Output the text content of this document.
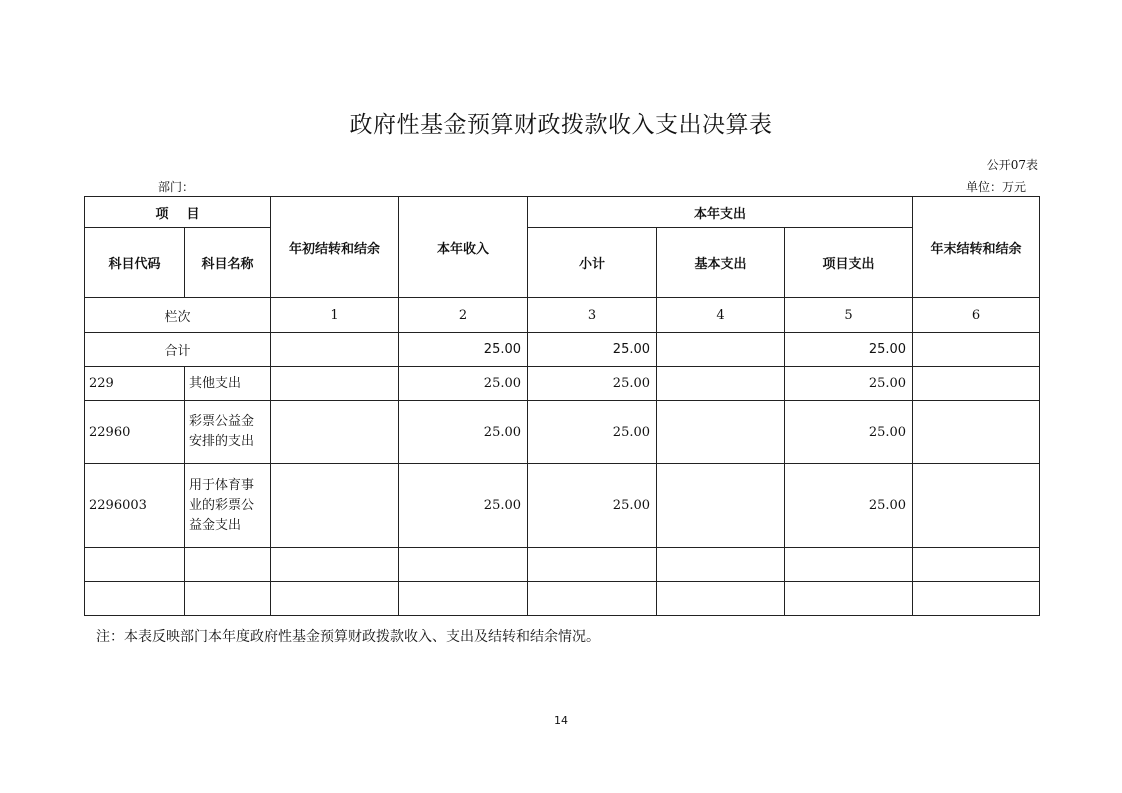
政府性基金预算财政拨款收入支出决算表
公开07表
部门：	单位：万元
项    目		年初结转和结余	本年收入	本年支出			年末结转和结余
科目代码	科目名称			小计	基本支出	项目支出	
栏次		1	2	3	4	5	6
合计			25.00	25.00		25.00	
229	其他支出		25.00	25.00		25.00	
22960	彩票公益金安排的支出		25.00	25.00		25.00	
2296003	用于体育事业的彩票公益金支出		25.00	25.00		25.00	

注：本表反映部门本年度政府性基金预算财政拨款收入、支出及结转和结余情况。
14
